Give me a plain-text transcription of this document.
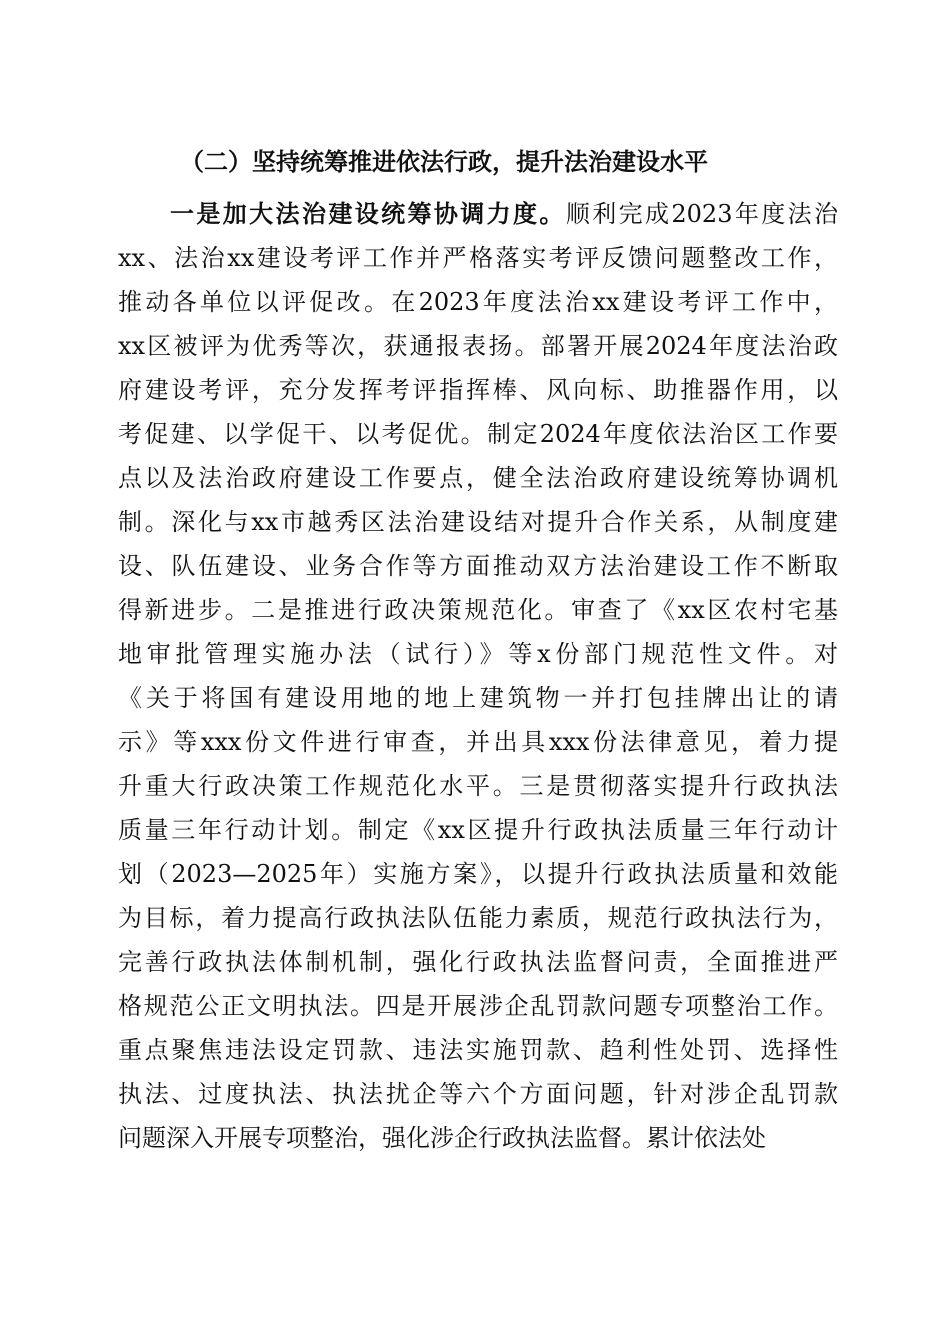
（二）坚持统筹推进依法行政，提升法治建设水平
一是加大法治建设统筹协调力度。顺利完成2023年度法治
xx、法治xx建设考评工作并严格落实考评反馈问题整改工作，
推动各单位以评促改。在2023年度法治xx建设考评工作中，
xx区被评为优秀等次，获通报表扬。部署开展2024年度法治政
府建设考评，充分发挥考评指挥棒、风向标、助推器作用，以
考促建、以学促干、以考促优。制定2024年度依法治区工作要
点以及法治政府建设工作要点，健全法治政府建设统筹协调机
制。深化与xx市越秀区法治建设结对提升合作关系，从制度建
设、队伍建设、业务合作等方面推动双方法治建设工作不断取
得新进步。二是推进行政决策规范化。审查了《xx区农村宅基
地审批管理实施办法（试行）》等x份部门规范性文件。对
《关于将国有建设用地的地上建筑物一并打包挂牌出让的请
示》等xxx份文件进行审查，并出具xxx份法律意见，着力提
升重大行政决策工作规范化水平。三是贯彻落实提升行政执法
质量三年行动计划。制定《xx区提升行政执法质量三年行动计
划（2023—2025年）实施方案》，以提升行政执法质量和效能
为目标，着力提高行政执法队伍能力素质，规范行政执法行为，
完善行政执法体制机制，强化行政执法监督问责，全面推进严
格规范公正文明执法。四是开展涉企乱罚款问题专项整治工作。
重点聚焦违法设定罚款、违法实施罚款、趋利性处罚、选择性
执法、过度执法、执法扰企等六个方面问题，针对涉企乱罚款
问题深入开展专项整治，强化涉企行政执法监督。累计依法处
